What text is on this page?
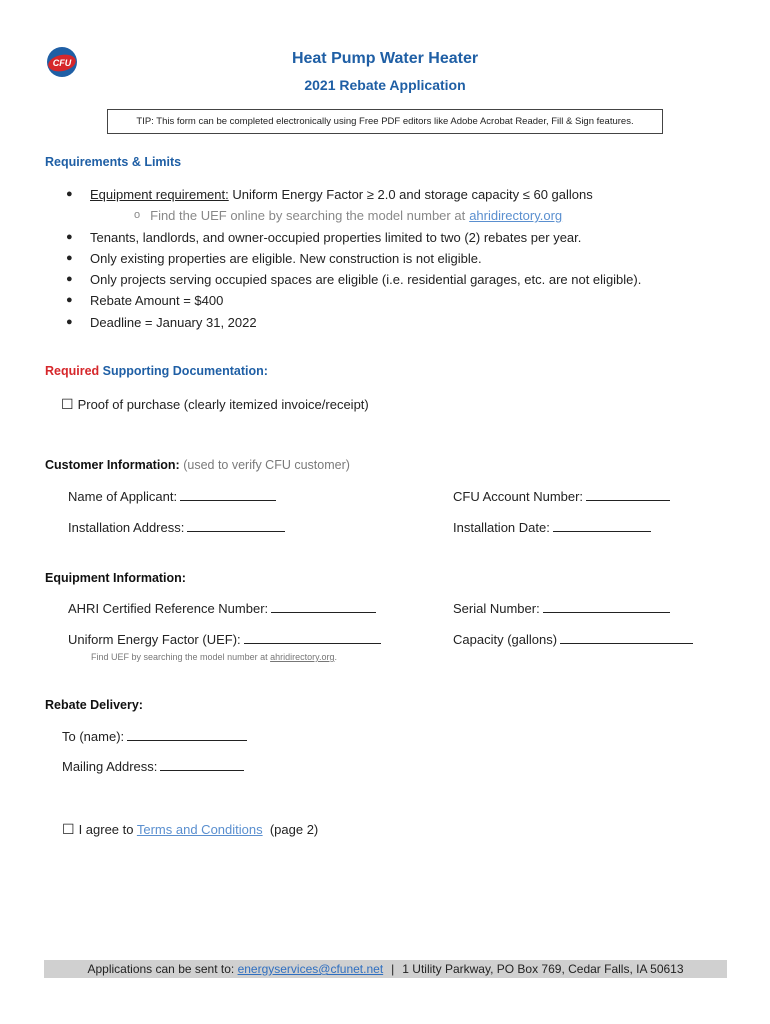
CFU	Heat Pump Water Heater
2021 Rebate Application
TIP: This form can be completed electronically using Free PDF editors like Adobe Acrobat Reader, Fill & Sign features.
Requirements & Limits
●	Equipment requirement: Uniform Energy Factor ≥ 2.0 and storage capacity ≤ 60 gallons
o Find the UEF online by searching the model number at ahridirectory.org
●	Tenants, landlords, and owner-occupied properties limited to two (2) rebates per year.
●	Only existing properties are eligible. New construction is not eligible.
●	Only projects serving occupied spaces are eligible (i.e. residential garages, etc. are not eligible).
●	Rebate Amount = $400
●	Deadline = January 31, 2022
Required Supporting Documentation:
☐ Proof of purchase (clearly itemized invoice/receipt)
Customer Information: (used to verify CFU customer)
Name of Applicant:	CFU Account Number:
Installation Address:	Installation Date:
Equipment Information:
AHRI Certified Reference Number:	Serial Number:
Uniform Energy Factor (UEF):	Capacity (gallons)
Find UEF by searching the model number at ahridirectory.org.
Rebate Delivery:
To (name):
Mailing Address:
☐ I agree to Terms and Conditions  (page 2)
Applications can be sent to: energyservices@cfunet.net | 1 Utility Parkway, PO Box 769, Cedar Falls, IA 50613
